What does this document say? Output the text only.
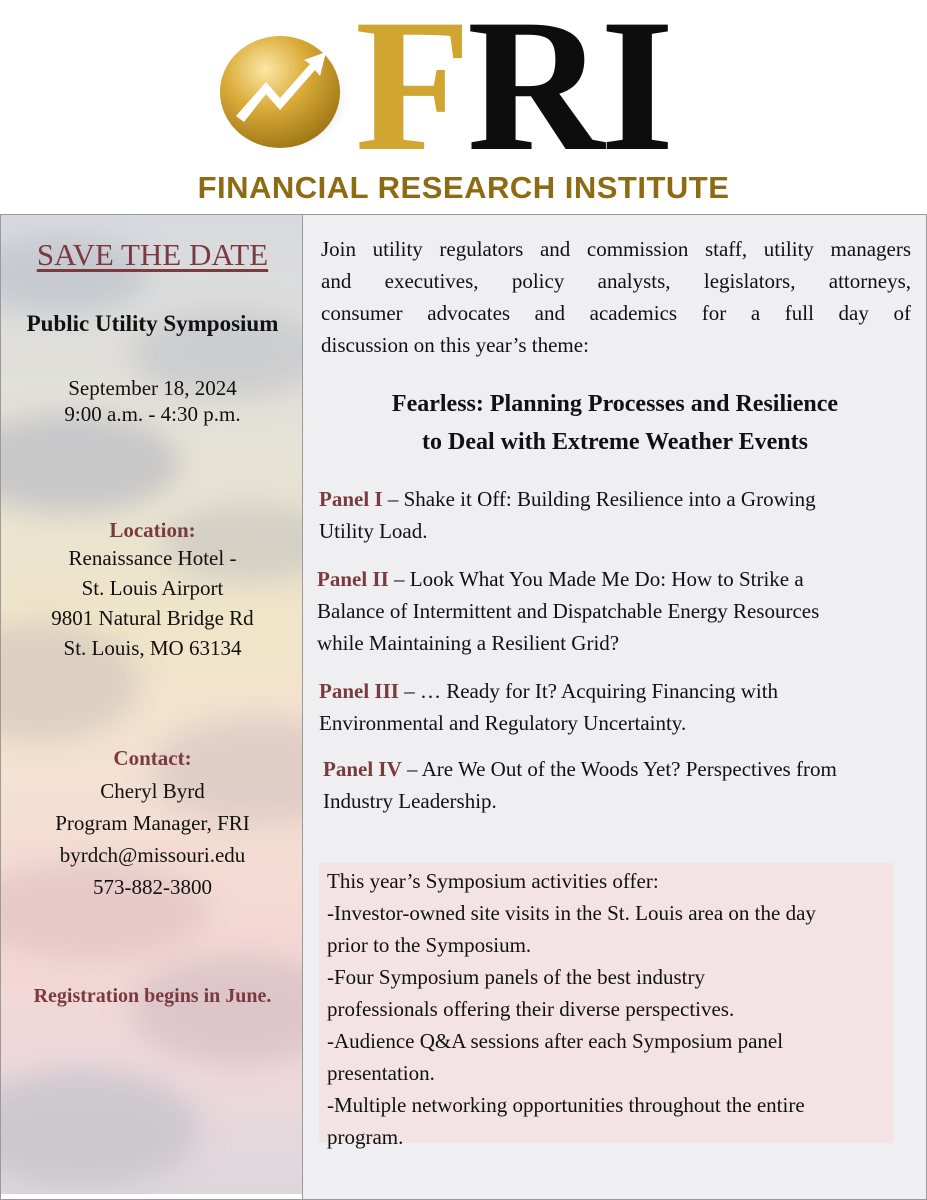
FRI
FINANCIAL RESEARCH INSTITUTE
SAVE THE DATE
Public Utility Symposium
September 18, 2024
9:00 a.m. - 4:30 p.m.
Location:
Renaissance Hotel -
St. Louis Airport
9801 Natural Bridge Rd
St. Louis, MO 63134
Contact:
Cheryl Byrd
Program Manager, FRI
byrdch@missouri.edu
573-882-3800
Registration begins in June.
Join utility regulators and commission staff, utility managers
and executives, policy analysts, legislators, attorneys,
consumer advocates and academics for a full day of
discussion on this year’s theme:
Fearless: Planning Processes and Resilience
to Deal with Extreme Weather Events
Panel I – Shake it Off: Building Resilience into a Growing
Utility Load.
Panel II – Look What You Made Me Do: How to Strike a
Balance of Intermittent and Dispatchable Energy Resources
while Maintaining a Resilient Grid?
Panel III – … Ready for It? Acquiring Financing with
Environmental and Regulatory Uncertainty.
Panel IV – Are We Out of the Woods Yet? Perspectives from
Industry Leadership.
This year’s Symposium activities offer:
-Investor-owned site visits in the St. Louis area on the day
prior to the Symposium.
-Four Symposium panels of the best industry
professionals offering their diverse perspectives.
-Audience Q&A sessions after each Symposium panel
presentation.
-Multiple networking opportunities throughout the entire
program.
